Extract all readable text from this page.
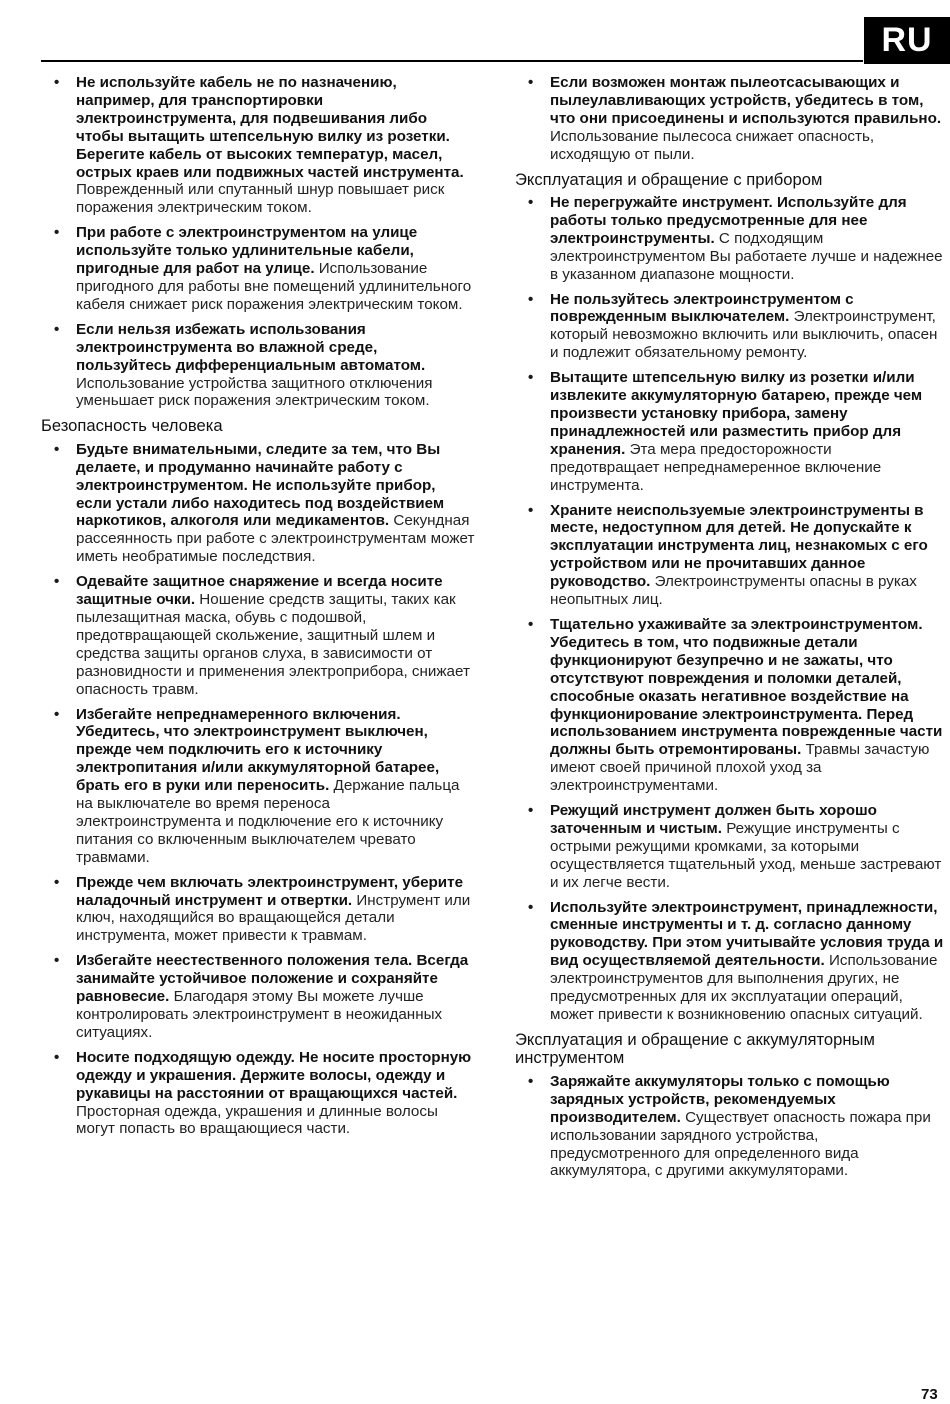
RU
• Не используйте кабель не по назначению, например, для транспортировки электроинструмента, для подвешивания либо чтобы вытащить штепсельную вилку из розетки. Берегите кабель от высоких температур, масел, острых краев или подвижных частей инструмента. Поврежденный или спутанный шнур повышает риск поражения электрическим током.
• При работе с электроинструментом на улице используйте только удлинительные кабели, пригодные для работ на улице. Использование пригодного для работы вне помещений удлинительного кабеля снижает риск поражения электрическим током.
• Если нельзя избежать использования электроинструмента во влажной среде, пользуйтесь дифференциальным автоматом. Использование устройства защитного отключения уменьшает риск поражения электрическим током.
Безопасность человека
• Будьте внимательными, следите за тем, что Вы делаете, и продуманно начинайте работу с электроинструментом. Не используйте прибор, если устали либо находитесь под воздействием наркотиков, алкоголя или медикаментов. Секундная рассеянность при работе с электроинструментам может иметь необратимые последствия.
• Одевайте защитное снаряжение и всегда носите защитные очки. Ношение средств защиты, таких как пылезащитная маска, обувь с подошвой, предотвращающей скольжение, защитный шлем и средства защиты органов слуха, в зависимости от разновидности и применения электроприбора, снижает опасность травм.
• Избегайте непреднамеренного включения. Убедитесь, что электроинструмент выключен, прежде чем подключить его к источнику электропитания и/или аккумуляторной батарее, брать его в руки или переносить. Держание пальца на выключателе во время переноса электроинструмента и подключение его к источнику питания со включенным выключателем чревато травмами.
• Прежде чем включать электроинструмент, уберите наладочный инструмент и отвертки. Инструмент или ключ, находящийся во вращающейся детали инструмента, может привести к травмам.
• Избегайте неестественного положения тела. Всегда занимайте устойчивое положение и сохраняйте равновесие. Благодаря этому Вы можете лучше контролировать электроинструмент в неожиданных ситуациях.
• Носите подходящую одежду. Не носите просторную одежду и украшения. Держите волосы, одежду и рукавицы на расстоянии от вращающихся частей. Просторная одежда, украшения и длинные волосы могут попасть во вращающиеся части.
• Если возможен монтаж пылеотсасывающих и пылеулавливающих устройств, убедитесь в том, что они присоединены и используются правильно. Использование пылесоса снижает опасность, исходящую от пыли.
Эксплуатация и обращение с прибором
• Не перегружайте инструмент. Используйте для работы только предусмотренные для нее электроинструменты. С подходящим электроинструментом Вы работаете лучше и надежнее в указанном диапазоне мощности.
• Не пользуйтесь электроинструментом с поврежденным выключателем. Электроинструмент, который невозможно включить или выключить, опасен и подлежит обязательному ремонту.
• Вытащите штепсельную вилку из розетки и/или извлеките аккумуляторную батарею, прежде чем произвести установку прибора, замену принадлежностей или разместить прибор для хранения. Эта мера предосторожности предотвращает непреднамеренное включение инструмента.
• Храните неиспользуемые электроинструменты в месте, недоступном для детей. Не допускайте к эксплуатации инструмента лиц, незнакомых с его устройством или не прочитавших данное руководство. Электроинструменты опасны в руках неопытных лиц.
• Тщательно ухаживайте за электроинструментом. Убедитесь в том, что подвижные детали функционируют безупречно и не зажаты, что отсутствуют повреждения и поломки деталей, способные оказать негативное воздействие на функционирование электроинструмента. Перед использованием инструмента поврежденные части должны быть отремонтированы. Травмы зачастую имеют своей причиной плохой уход за электроинструментами.
• Режущий инструмент должен быть хорошо заточенным и чистым. Режущие инструменты с острыми режущими кромками, за которыми осуществляется тщательный уход, меньше застревают и их легче вести.
• Используйте электроинструмент, принадлежности, сменные инструменты и т. д. согласно данному руководству. При этом учитывайте условия труда и вид осуществляемой деятельности. Использование электроинструментов для выполнения других, не предусмотренных для их эксплуатации операций, может привести к возникновению опасных ситуаций.
Эксплуатация и обращение с аккумуляторным инструментом
• Заряжайте аккумуляторы только с помощью зарядных устройств, рекомендуемых производителем. Существует опасность пожара при использовании зарядного устройства, предусмотренного для определенного вида аккумулятора, с другими аккумуляторами.
73
